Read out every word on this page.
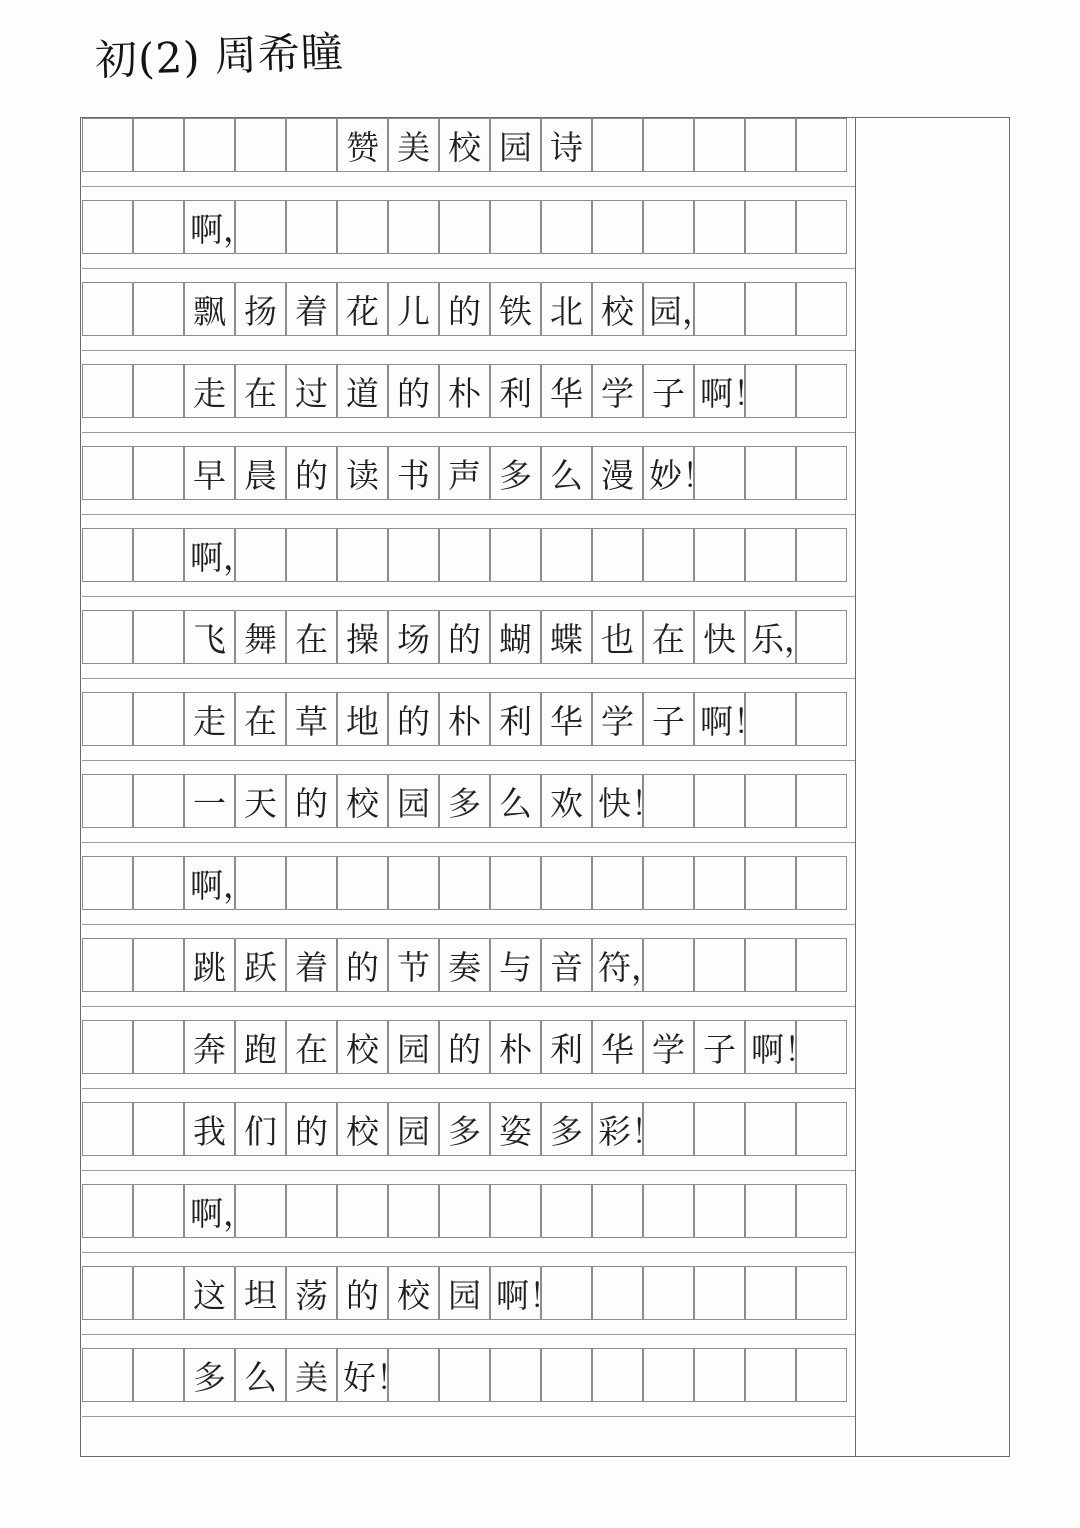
初(2) 周希瞳
赞 美 校 园 诗
啊，
飘 扬 着 花 儿 的 铁 北 校 园，
走 在 过 道 的 朴 利 华 学 子 啊！
早 晨 的 读 书 声 多 么 漫 妙！
啊，
飞 舞 在 操 场 的 蝴 蝶 也 在 快 乐，
走 在 草 地 的 朴 利 华 学 子 啊！
一 天 的 校 园 多 么 欢 快！
啊，
跳 跃 着 的 节 奏 与 音 符，
奔 跑 在 校 园 的 朴 利 华 学 子 啊！
我 们 的 校 园 多 姿 多 彩！
啊，
这 坦 荡 的 校 园 啊！
多 么 美 好！
